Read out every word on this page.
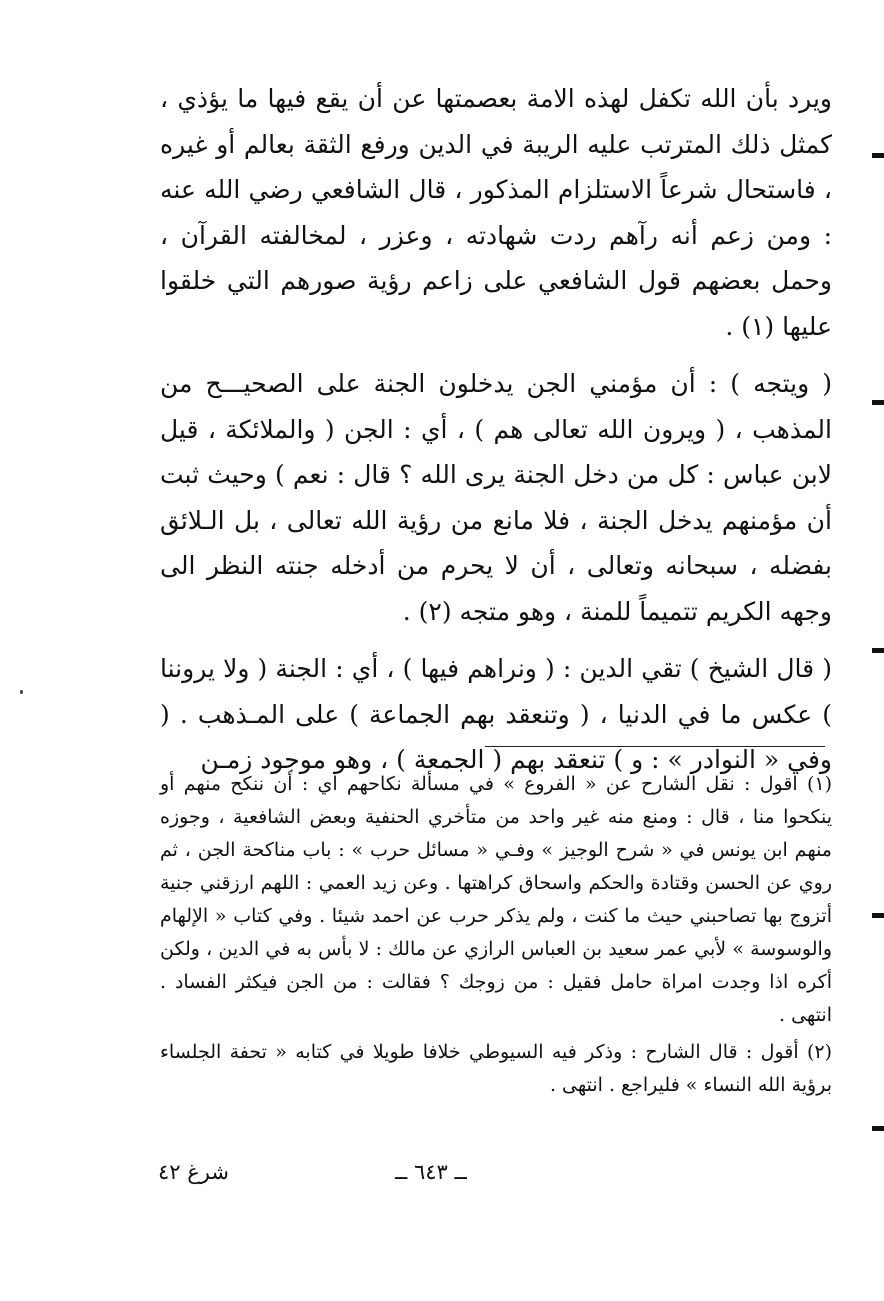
ويرد بأن الله تكفل لهذه الامة بعصمتها عن أن يقع فيها ما يؤذي ، كمثل ذلك المترتب عليه الريبة في الدين ورفع الثقة بعالم أو غيره ، فاستحال شرعاً الاستلزام المذكور ، قال الشافعي رضي الله عنه : ومن زعم أنه رآهم ردت شهادته ، وعزر ، لمخالفته القرآن ، وحمل بعضهم قول الشافعي على زاعم رؤية صورهم التي خلقوا عليها (١) .

( ويتجه ) : أن مؤمني الجن يدخلون الجنة على الصحيـــح من المذهب ، ( ويرون الله تعالى هم ) ، أي : الجن ( والملائكة ، قيل لابن عباس : كل من دخل الجنة يرى الله ؟ قال : نعم ) وحيث ثبت أن مؤمنهم يدخل الجنة ، فلا مانع من رؤية الله تعالى ، بل الـلائق بفضله ، سبحانه وتعالى ، أن لا يحرم من أدخله جنته النظر الى وجهه الكريم تتميماً للمنة ، وهو متجه (٢) .

( قال الشيخ ) تقي الدين : ( ونراهم فيها ) ، أي : الجنة ( ولا يروننا ) عكس ما في الدنيا ، ( وتنعقد بهم الجماعة ) على المـذهب . ( وفي « النوادر » : و ) تنعقد بهم ( الجمعة ) ، وهو موجود زمـن

(١) اقول : نقل الشارح عن « الفروع » في مسألة نكاحهم اي : أن ننكح منهم أو ينكحوا منا ، قال : ومنع منه غير واحد من متأخري الحنفية وبعض الشافعية ، وجوزه منهم ابن يونس في « شرح الوجيز » وفـي « مسائل حرب » : باب مناكحة الجن ، ثم روي عن الحسن وقتادة والحكم واسحاق كراهتها . وعن زيد العمي : اللهم ارزقني جنية أتزوج بها تصاحبني حيث ما كنت ، ولم يذكر حرب عن احمد شيئا . وفي كتاب « الإلهام والوسوسة » لأبي عمر سعيد بن العباس الرازي عن مالك : لا بأس به في الدين ، ولكن أكره اذا وجدت امراة حامل فقيل : من زوجك ؟ فقالت : من الجن فيكثر الفساد . انتهى .

(٢) أقول : قال الشارح : وذكر فيه السيوطي خلافا طويلا في كتابه « تحفة الجلساء برؤية الله النساء » فليراجع . انتهى .

ــ ٦٤٣ ــ
شرغ ٤٢
